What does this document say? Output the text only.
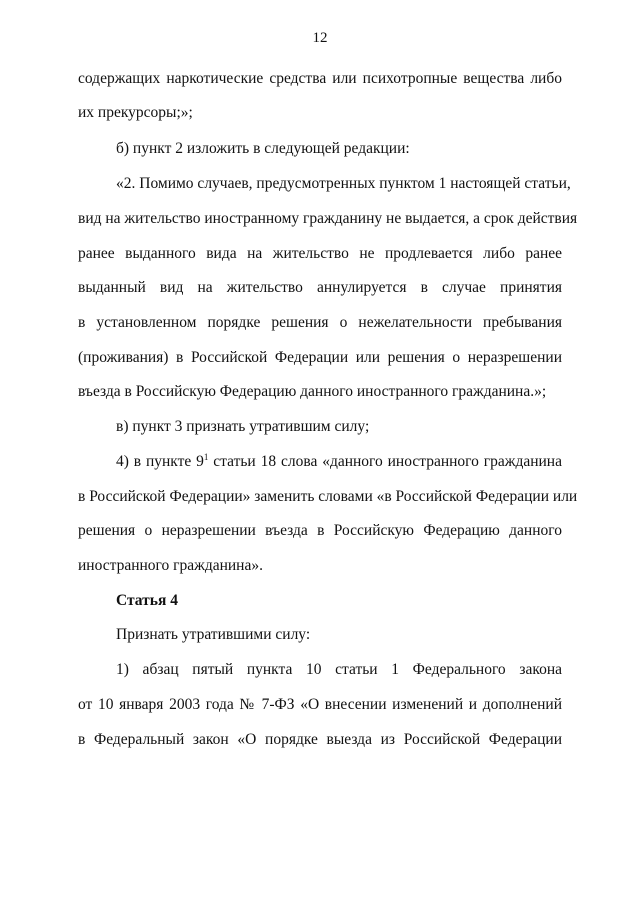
12
содержащих наркотические средства или психотропные вещества либо
их прекурсоры;»;
б) пункт 2 изложить в следующей редакции:
«2. Помимо случаев, предусмотренных пунктом 1 настоящей статьи,
вид на жительство иностранному гражданину не выдается, а срок действия
ранее выданного вида на жительство не продлевается либо ранее
выданный вид на жительство аннулируется в случае принятия
в установленном порядке решения о нежелательности пребывания
(проживания) в Российской Федерации или решения о неразрешении
въезда в Российскую Федерацию данного иностранного гражданина.»;
в) пункт 3 признать утратившим силу;
4) в пункте $9^1$ статьи 18 слова «данного иностранного гражданина
в Российской Федерации» заменить словами «в Российской Федерации или
решения о неразрешении въезда в Российскую Федерацию данного
иностранного гражданина».
Статья 4
Признать утратившими силу:
1) абзац пятый пункта 10 статьи 1 Федерального закона
от 10 января 2003 года № 7-ФЗ «О внесении изменений и дополнений
в Федеральный закон «О порядке выезда из Российской Федерации
